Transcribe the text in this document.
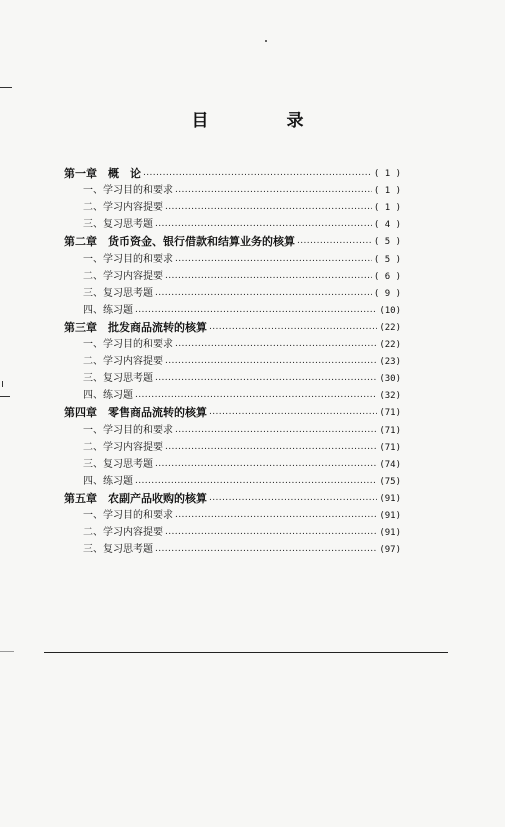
目 录
第一章　概　论 .....	( 1 )
一、学习目的和要求 .....	( 1 )
二、学习内容提要 .....	( 1 )
三、复习思考题 .....	( 4 )
第二章　货币资金、银行借款和结算业务的核算 .....	( 5 )
一、学习目的和要求 .....	( 5 )
二、学习内容提要 .....	( 6 )
三、复习思考题 .....	( 9 )
四、练习题 .....	(10)
第三章　批发商品流转的核算 .....	(22)
一、学习目的和要求 .....	(22)
二、学习内容提要 .....	(23)
三、复习思考题 .....	(30)
四、练习题 .....	(32)
第四章　零售商品流转的核算 .....	(71)
一、学习目的和要求 .....	(71)
二、学习内容提要 .....	(71)
三、复习思考题 .....	(74)
四、练习题 .....	(75)
第五章　农副产品收购的核算 .....	(91)
一、学习目的和要求 .....	(91)
二、学习内容提要 .....	(91)
三、复习思考题 .....	(97)
